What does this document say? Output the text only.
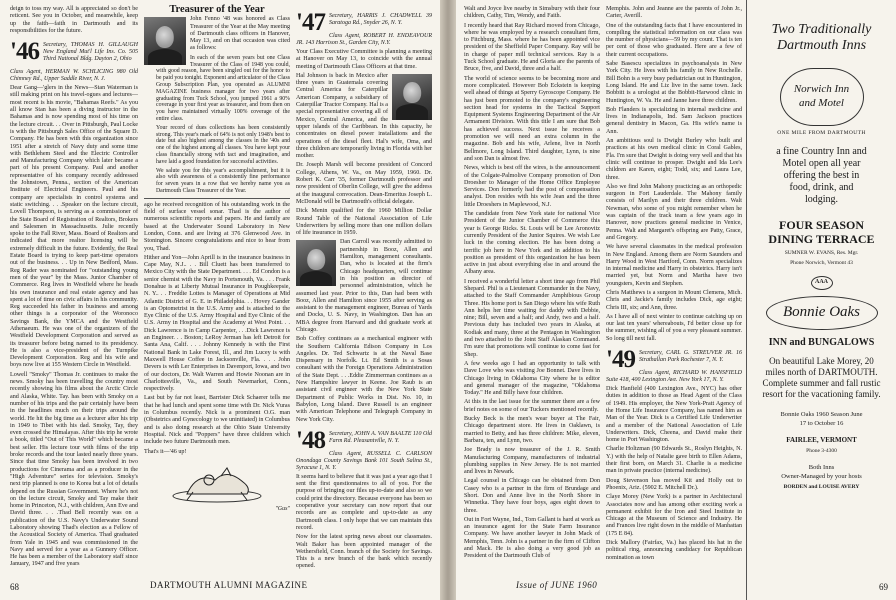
deign to toss my way. All is appreciated so don't be reticent. See you in October, and meanwhile, keep up the faith—faith in Dartmouth and its responsibilities for the future.

'46 Secretary, THOMAS H. GILLAUGH New England Mut'l Life Ins. Co. 505 Third National Bldg. Dayton 2, Ohio

Class Agent, HERMAN W. SCHLICING 980 Old Chimney Rd., Upper Saddle River, N. J.

Dear Gang—'glers in the News—Stan Waterman is still making print on his travel-ogues and lectures—most recent is his movie, "Bahamas Reefs." As you all know Stan has been a diving instructor in the Bahamas and is now spending most of his time on the lecture circuit. . . Over in Pittsburgh, Paul Locke is with the Pittsburgh Sales Office of the Square D. Company. He has been with this organization since 1951 after a stretch of Navy duty and some time with Bethlehem Steel and the Electric Controller and Manufacturing Company which later became a part of his present Company. Paul and another representative of his company recently addressed the Johnstown, Penna., section of the American Institute of Electrical Engineers. Paul and his company are specialists in control systems and static switching. . . .Speaker on the lecture circuit, Lovell Thompson, is serving as a commissioner of the State Board of Registration of Realtors, Brokers and Salesmen in Massachusetts. Julie recently spoke to the Fall River, Mass. Board of Realtors and indicated that more realtor licensing will be extremely difficult in the future. Evidently, the Real Estate Board is trying to keep part-time operators out of the business. . . Up in New Bedford, Mass. Reg Rader was nominated for "outstanding young men of the year" by the Mass. Junior Chamber of Commerce. Reg lives in Westfield where he heads his own insurance and real estate agency and has spent a lot of time on civic affairs in his community. Reg succeeded his father in business and among other things is a corporator of the Woronoco Savings Bank, the YMCA and the Westfield Athenaeum. He was one of the organizers of the Westfield Development Corporation and served as its treasurer before being named to its presidency. He is also a vice-president of the Turnpike Development Corporation. Reg and his wife and boys now live at 155 Western Circle in Westfield.

Lowell "Smoky" Thomas Jr. continues to make the news. Smoky has been travelling the country most recently showing his films about the Arctic Circle and Alaska, White. Tay. has been with Smoky on a number of his trips and the pair certainly have been in the headlines much on their trips around the world. He hit the big time as a lecturer after his trip in 1949 to Tibet with his dad. Smoky, Tay, they even crossed the Himalayas. After this trip he wrote a book, titled "Out of This World" which became a best seller. His lecture tour with films of the trip broke records and the tour lasted nearly three years. Since that time Smoky has been involved in two productions for Cinerama and as a producer in the "High Adventure" series for television. Smoky's next trip planned is one to Korea but a lot of details depend on the Russian Government. Where he's not on the lecture circuit, Smoky and Tay make their home in Princeton, N.J., with children, Ann Eve and David three. . . .Thad Bell recently was on a publication of the U.S. Navy's Underwater Sound Laboratory showing Thad's election as a Fellow of the Acoustical Society of America. Thad graduated from Yale in 1945 and was commissioned in the Navy and served for a year as a Gunnery Officer. He has been a member of the Laboratory staff since January, 1947 and five years

Treasurer of the Year

John Fenno '48 was honored as Class Treasurer of the Year at the May meeting of Dartmouth class officers in Hanover, May 13, and on that occasion was cited as follows:

In each of the seven years but one Class Treasurer of the Class of 1948 you could, with good reason, have been singled out for the honor to be paid you tonight. Exponent and articulator of the Class Group Subscription Plan, you operated as ALUMNI MAGAZINE business manager for two years after graduating from Tuck School, you jumped 1961 a 90% coverage in your first year as treasurer, and from then on you have maintained virtually 100% coverage of the entire class.

Your record of dues collections has been consistently strong. This year's mark of 64% is not only 1948's best to date but also highest among the classes in the '40s and one of the highest among all classes. You have kept your class financially strong with tact and imagination, and have laid a good foundation for successful activities.

We salute you for this year's accomplishment, but it is also with awareness of a consistently fine performance for seven years in a row that we hereby name you as Dartmouth Class Treasurer of the Year.

ago he received recognition of his outstanding work in the field of surface vessel sonar. Thad is the author of numerous scientific reports and papers. He and family are based at the Underwater Sound Laboratory in New London, Conn. and are living at 376 Glenwood Ave. in Stonington. Sincere congratulations and nice to hear from you, Thad.

Hither and Yon—John Aprill is in the insurance business in Cape May, N.J.. . . Bill Cluett has been transferred to Mexico City with the State Department. . . . Ed Condon is a senior chemist with the Navy in Portsmouth, Va. . . . Frank Donahue is at Liberty Mutual Insurance in Poughkeepsie, N. Y.. . . Freddie Lottes is Manager of Operations at Mid Atlantic District of G. E. in Philadelphia. . . Hovey Gander is an Optometrist in the U.S. Army and is attached to the Eye Clinic of the U.S. Army Hospital and Eye Clinic of the U.S. Army in Hospital and the Academy at West Point. . . Dick Lawrence is in Camp Carpenter, . . .Dick Lawrence is an Engineer. . . Boston; LeRoy Jerman has left Detroit for Santa Ana, Calif. . . . Johnny Kennedy is with the First National Bank in Lake Forest, Ill., and Jim Lucey is with Maxwell House Coffee in Jacksonville, Fla. . . . John Devers is with Ler Enterprises in Davenport, Iowa, and two of our doctors, Dr. Walt Warren and Howie Noonan are in Charlottesville, Va., and South Newmarket, Conn., respectively.

Last but by far not least, Barrister Dick Schaerer tells me that he had lunch and spent some time with Dr. Nick Vuras in Columbus recently. Nick is a prominent O.G. man (Obstetrics and Gynecology to we uninitiated) in Columbus and is also doing research at the Ohio State University Hospital. Nick and "Poppers" have three children which include two future Dartmouth men.

That's it—'46 up!

"Gus"
'47 Secretary, HARRIS J. CHADWELL 39 Saratoga Rd., Snyder 26, N. Y.

Class Agent, ROBERT H. ENDEAVOUR JR. 143 Harrison St., Garden City, N.Y.

Your Class Executive Committee is planning a meeting at Hanover on May 13, to coincide with the annual meeting of Dartmouth Class Officers at that time.

Hal Johnson is back in Mexico after three years in Guatemala covering Central America for Caterpillar American Company, a subsidiary of Caterpillar Tractor Company. Hal is a special representative covering all of Mexico, Central America, and the upper islands of the Caribbean. In this capacity, he concentrates on diesel power installations and the operations of the diesel fleet. Hal's wife, Oma, and three children are temporarily living in Florida with her mother.

Dr. Joseph Marsh will become president of Concord College, Athens, W. Va., on May 1959, 1960. Dr. Robert K. Carr '35, former Dartmouth professor and now president of Oberlin College, will give the address at the inaugural convocation. Dean-Emeritus Joseph L. McDonald will be Dartmouth's official delegate.

Dick Menin qualified for the 1960 Million Dollar Round Table of the National Association of Life Underwriters by selling more than one million dollars of life insurance in 1959.

Dan Carroll was recently admitted to partnership in Booz, Allen and Hamilton, management consultants. Dan, who is located at the firm's Chicago headquarters, will continue in his position as director of personnel administration, which he assumed last year. Prior to this, Dan had been with Booz, Allen and Hamilton since 1955 after serving as assistant to the management engineer, Bureau of Yards and Docks, U. S. Navy, in Washington. Dan has an MBA degree from Harvard and did graduate work at Chicago.

Bob Coffey continues as a mechanical engineer with the Southern California Edison Company in Los Angeles. Dr. Ted Schwartz is at the Naval Base Dispensary in Norfolk. Lt. Ed Smith is a Sosas consultant with the Foreign Operations Administration of the State Dept. . . .Eddie Zimmerman continues as a New Hampshire lawyer in Keene. Joe Raub is an assistant civil engineer with the New York State Department of Public Works in Dist. No. 10, in Babylon, Long Island. Dave Russell is an engineer with American Telephone and Telegraph Company in New York City.

'48 Secretary, JOHN A. VAN BAALTE 110 Old Farm Rd. Pleasantville, N. Y.

Class Agent, RUSSELL C. CARLSON Onondaga County Savings Bank 101 South Salina St., Syracuse 1, N. Y.

It seems hard to believe that it was just a year ago that I sent the first questionnaires to all of you. For the purpose of bringing our files up-to-date and also so we could print the directory. Because everyone has been so cooperative your secretary can now report that our records are as complete and up-to-date as any Dartmouth class. I only hope that we can maintain this record.

Now for the latest spring news about our classmates. Walt Baker has been appointed manager of the Wethersfield, Conn. branch of the Society for Savings. This is a new branch of the bank which recently opened.

68	DARTMOUTH ALUMNI MAGAZINE

Walt and Joyce live nearby in Simsbury with their four children, Cathy, Tim, Wendy, and Faith.

I recently heard that Ray Richard moved from Chicago, where he was employed by a research consultant firm, to Fitchburg, Mass. where he has been appointed vice president of the Sheffield Paper Company. Ray will be in charge of paper mill technical services. Ray is a Tuck School graduate. He and Gloria are the parents of Bruce, five, and David, three and a half.

The world of science seems to be becoming more and more complicated. However Bob Eckstein is keeping well ahead of things at Sperry Gyroscope Company. He has just been promoted to the company's engineering section head for systems in the Tactical Support Equipment Systems Engineering Department of the Air Armament Division. With this title I am sure that Bob has achieved success. Next issue he receives a promotion we will need an extra column in the magazine. Bob and his wife, Arlene, live in North Bellmore, Long Island. Third daughter, Lynn, is nine and son Dan is almost five.

News, which is best off the wires, is the announcement of the Colgate-Palmolive Company promotion of Don Droesher to Manager of the Home Office Employee Services. Don formerly had the post of compensation analyst. Don resides with his wife Jean and the three little Droeshers in Maplewood, N.J.

The candidate from New York state for national Vice President of the Junior Chamber of Commerce this year is George Ricks. St. Louis will be Lee Aronovitz currently President of the Junior Squires. We wish Lee luck in the coming election. He has been doing a terrific job here in New York and in addition to his position as president of this organization he has been active in just about everything else in and around the Albany area.

I received a wonderful letter a short time ago from Phil Shepard. Phil is a Lieutenant Commander in the Navy, attached to the Staff Commander Amphibious Group Three. His home port is San Diego where his wife Ruth Ann helps her time waiting for daddy with Debbie, nine; Bill, seven and a half; and Andy, two and a half. Previous duty has included two years in Alaska, at Kodiak and many, three at the Pentagon in Washington and two attached to the Joint Staff Alaskan Command. I'm sure that promotions will continue to come fast for Shep.

A few weeks ago I had an opportunity to talk with Dave Love who was visiting Joe Bonnet. Dave lives in Chicago living in Oklahoma City where he is editor and general manager of the magazine, "Oklahoma Today." He and Billy have four children.

At this in the last issue for the summer there are a few brief notes on some of our Tuckers mentioned recently.

Bucky Beck is the men's wear buyer at The Fair, Chicago department store. He lives in Oaklawn, is married to Betty, and has three children: Mike, eleven, Barbara, ten, and Lynn, two.

Joe Brady is now treasurer of the J. R. Smith Manufacturing Company, manufacturers of industrial plumbing supplies in New Jersey. He is not married and lives in Newark.

Legal counsel in Chicago can be obtained from Don Casey who is a partner in the firm of Brundage and Short. Don and Anne live in the North Shore in Winnetka. They have four boys, ages eight down to three.

Out in Fort Wayne, Ind., Tom Gallant is hard at work as an insurance agent for the State Farm Insurance Company. We have another lawyer in John Mack of Memphis, Tenn. John is a partner in the firm of Clifton and Mack. He is also doing a very good job as President of the Dartmouth Club of

Memphis. John and Jeanne are the parents of John Jr., Carter, Averill.

One of the outstanding facts that I have encountered in compiling the statistical information on our class was the number of physicians—59 by my count. That is ten per cent of those who graduated. Here are a few of their current occupations.

Sabe Basescu specializes in psychoanalysis in New York City. He lives with his family in New Rochelle. Bill Bohn is a very busy pediatrician out in Huntington, Long Island. He and Liz live in the same town. Jack Bobbitt is a urologist at the Bobbit-Harwood clinic in Huntington, W. Va. He and Janne have three children.

Bob Flanders is specializing in internal medicine and lives in Indianapolis, Ind. Sam Jackson practices general dentistry in Macon, Ga. His wife's name is Ann.

An ambitious soul is Dwight Burley who built and practices at his own medical clinic in Coral Gables, Fla. I'm sure that Dwight is doing very well and that his clinic will continue to prosper. Dwight and Ida Lee's children are Karen, eight; Todd, six; and Laura Lee, three.

Also we find John Mahony practicing as an orthopedic surgeon in Fort Lauderdale. The Mahony family consists of Marilyn and their three children. Walt Newman, who some of you might remember when he was captain of the track team a few years ago in Hanover, now practices general medicine in Venice, Penna. Walt and Margaret's offspring are Patty, Grace, and Gregory.

We have several classmates in the medical profession in New England. Among them are Norm Saunders and Harry Wood in West Hartford, Conn. Norm specializes in internal medicine and Harry in obstetrics. Harry isn't married yet, but Norm and Martha have two youngsters, Kevin and Stephen.

Chris Matthews is a surgeon in Mount Clemens, Mich. Chris and Jackie's family includes Dick, age eight; Chris III, six; and Ann, three.

As I have all of next winter to continue catching up on our last ten years' whereabouts, I'd better close up for the summer, wishing all of you a very pleasant summer. So long till next fall.

'49 Secretary, CARL G. STREUVER JR. 16 Strathallan Park Rochester 7, N. Y.

Class Agent, RICHARD W. HANSFIELD Suite 418, 400 Lexington Ave. New York 17, N. Y.

Dick Hanfield (400 Lexington Ave., NYC) has other duties in addition to those as Head Agent of the Class of 1949. His employer, the New York-Pratt Agency of the Home Life Insurance Company, has named him as Man of the Year. Dick is a Certified Life Underwriter and a member of the National Association of Life Underwriters. Dick, Cheena, and David make their home in Port Washington.

Charlie Holtzman (90 Edwards St., Roslyn Heights, N. Y.) with the help of Natalie gave birth to Ellen Adams, their first born, on March 31. Charlie is a medicine man in private practice (internal medicine).

Doug Stevenson has moved Kit and Holly out to Phoenix, Ariz. (5902 E. Mitchell Dr.).

Claye Morey (New York) is a partner in Architectural Associates now and has among other exciting work a permanent exhibit for the Iron and Steel Institute in Chicago at the Museum of Science and Industry. He and Frances live right down in the middle of Manhattan (175 E 84).

Dick Mallory (Fairfax, Va.) has placed his hat in the political ring, announcing candidacy for Republican nomination as town

Two Traditionally
Dartmouth Inns
Norwich Inn
and Motel
ONE MILE FROM DARTMOUTH
a fine Country Inn and Motel open all year offering the best in food, drink, and lodging.
FOUR SEASON
DINING TERRACE
SUMNER W. EVANS, Res. Mgr.
Phone Norwich, Vermont 43
AAA
Bonnie Oaks
INN and BUNGALOWS
On beautiful Lake Morey, 20 miles north of DARTMOUTH. Complete summer and fall rustic resort for the vacationing family.
Bonnie Oaks 1960 Season June 17 to October 16
FAIRLEE, VERMONT
Phone 3-4300
Both Inns
Owner-Managed by your hosts
BORDEN and LOUISE AVERY
Issue of JUNE 1960	69
